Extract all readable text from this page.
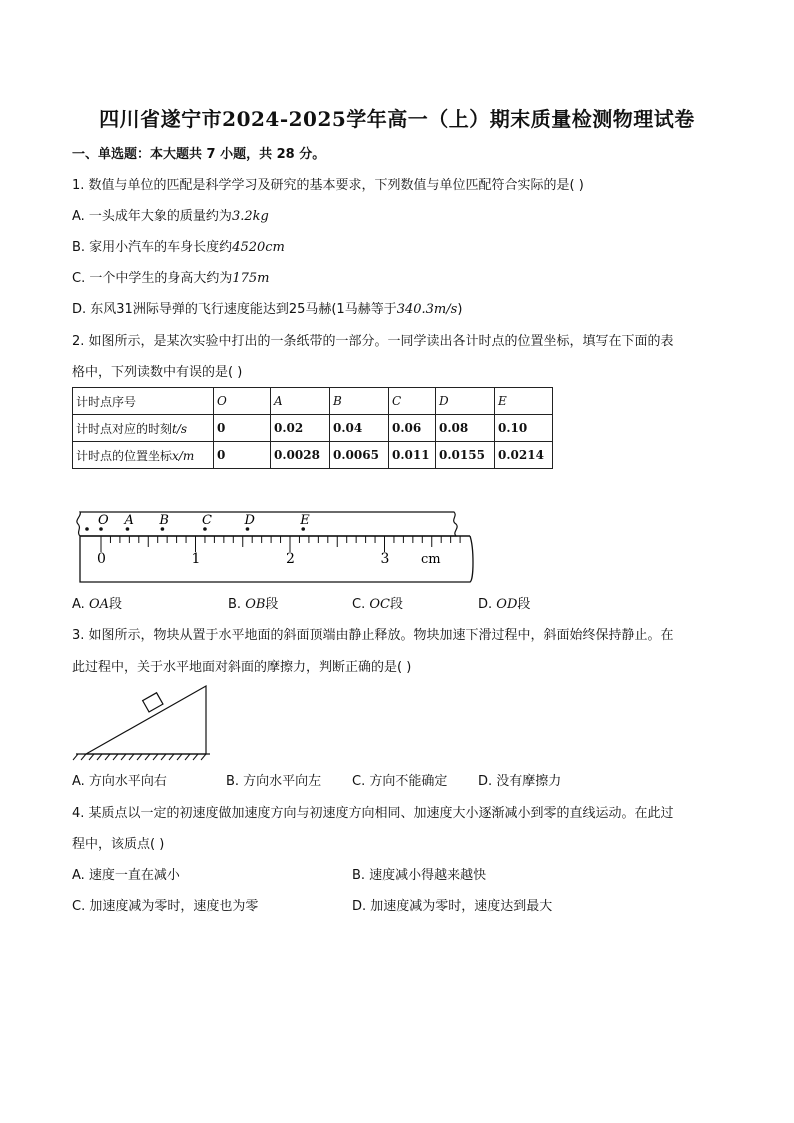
四川省遂宁市2024-2025学年高一（上）期末质量检测物理试卷
一、单选题：本大题共 7 小题，共 28 分。
1. 数值与单位的匹配是科学学习及研究的基本要求，下列数值与单位匹配符合实际的是( )
A. 一头成年大象的质量约为3.2kg
B. 家用小汽车的车身长度约4520cm
C. 一个中学生的身高大约为175m
D. 东风31洲际导弹的飞行速度能达到25马赫(1马赫等于340.3m/s)
2. 如图所示，是某次实验中打出的一条纸带的一部分。一同学读出各计时点的位置坐标，填写在下面的表
格中，下列读数中有误的是( )
计时点序号	O	A	B	C	D	E
计时点对应的时刻t/s	0	0.02	0.04	0.06	0.08	0.10
计时点的位置坐标x/m	0	0.0028	0.0065	0.011	0.0155	0.0214
0	1	2	3 cm
O A B	C	D	E
A. OA段	B. OB段	C. OC段	D. OD段
3. 如图所示，物块从置于水平地面的斜面顶端由静止释放。物块加速下滑过程中，斜面始终保持静止。在
此过程中，关于水平地面对斜面的摩擦力，判断正确的是( )
A. 方向水平向右	B. 方向水平向左 C. 方向不能确定 D. 没有摩擦力
4. 某质点以一定的初速度做加速度方向与初速度方向相同、加速度大小逐渐减小到零的直线运动。在此过
程中，该质点( )
A. 速度一直在减小	B. 速度减小得越来越快
C. 加速度减为零时，速度也为零	D. 加速度减为零时，速度达到最大
